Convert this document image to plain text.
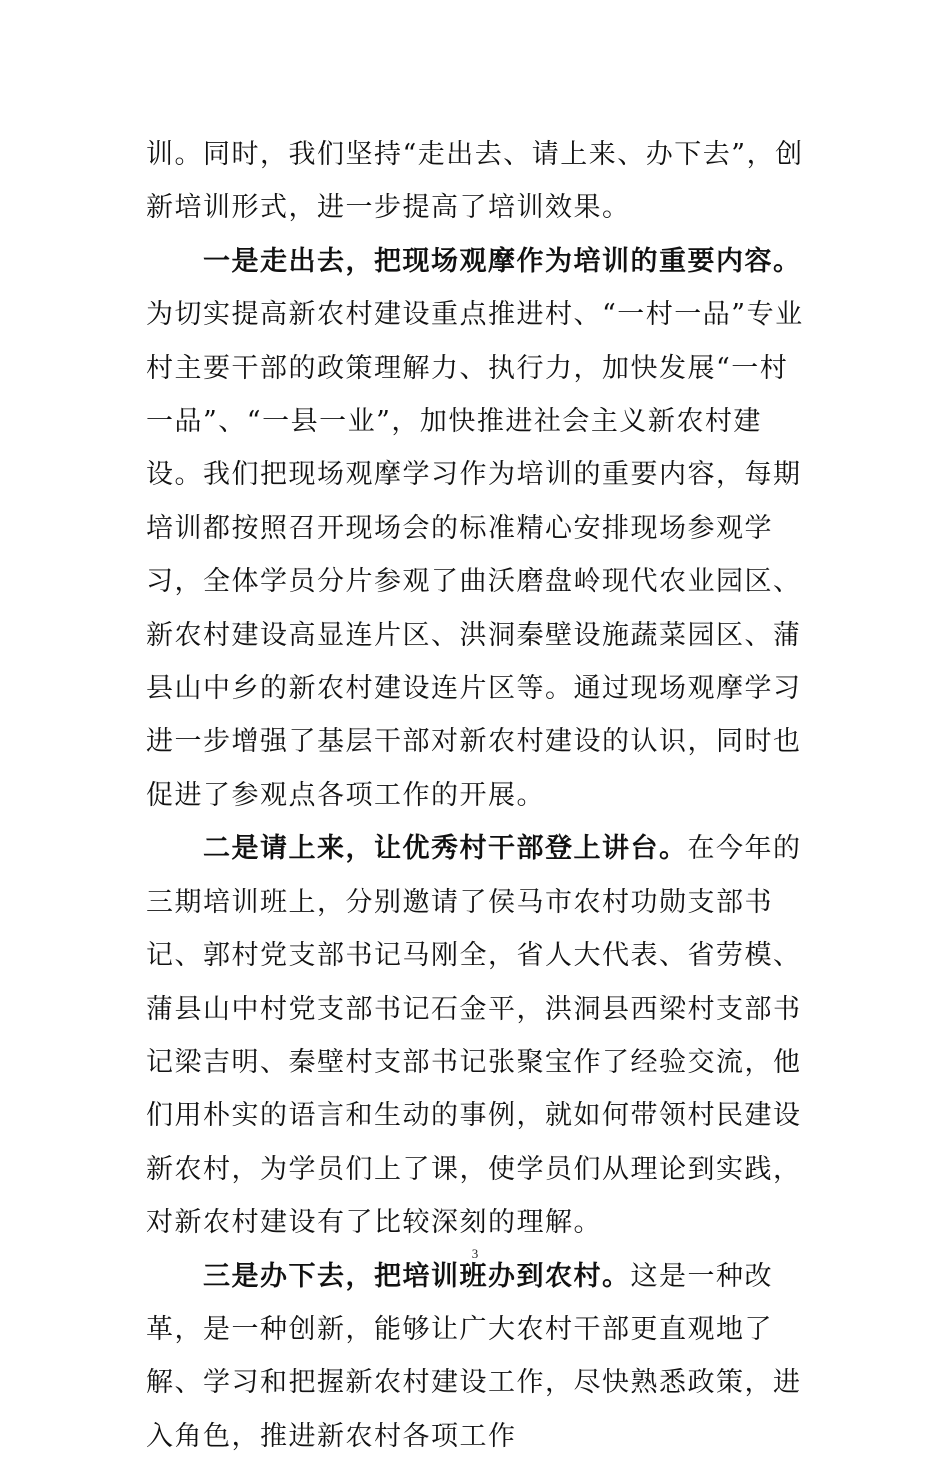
训。同时，我们坚持“走出去、请上来、办下去”，创新培训形式，进一步提高了培训效果。

一是走出去，把现场观摩作为培训的重要内容。为切实提高新农村建设重点推进村、“一村一品”专业村主要干部的政策理解力、执行力，加快发展“一村一品”、“一县一业”，加快推进社会主义新农村建设。我们把现场观摩学习作为培训的重要内容，每期培训都按照召开现场会的标准精心安排现场参观学习，全体学员分片参观了曲沃磨盘岭现代农业园区、新农村建设高显连片区、洪洞秦壁设施蔬菜园区、蒲县山中乡的新农村建设连片区等。通过现场观摩学习进一步增强了基层干部对新农村建设的认识，同时也促进了参观点各项工作的开展。

二是请上来，让优秀村干部登上讲台。在今年的三期培训班上，分别邀请了侯马市农村功勋支部书记、郭村党支部书记马刚全，省人大代表、省劳模、蒲县山中村党支部书记石金平，洪洞县西梁村支部书记梁吉明、秦壁村支部书记张聚宝作了经验交流，他们用朴实的语言和生动的事例，就如何带领村民建设新农村，为学员们上了课，使学员们从理论到实践，对新农村建设有了比较深刻的理解。

三是办下去，把培训班办到农村。这是一种改革，是一种创新，能够让广大农村干部更直观地了解、学习和把握新农村建设工作，尽快熟悉政策，进入角色，推进新农村各项工作

3
